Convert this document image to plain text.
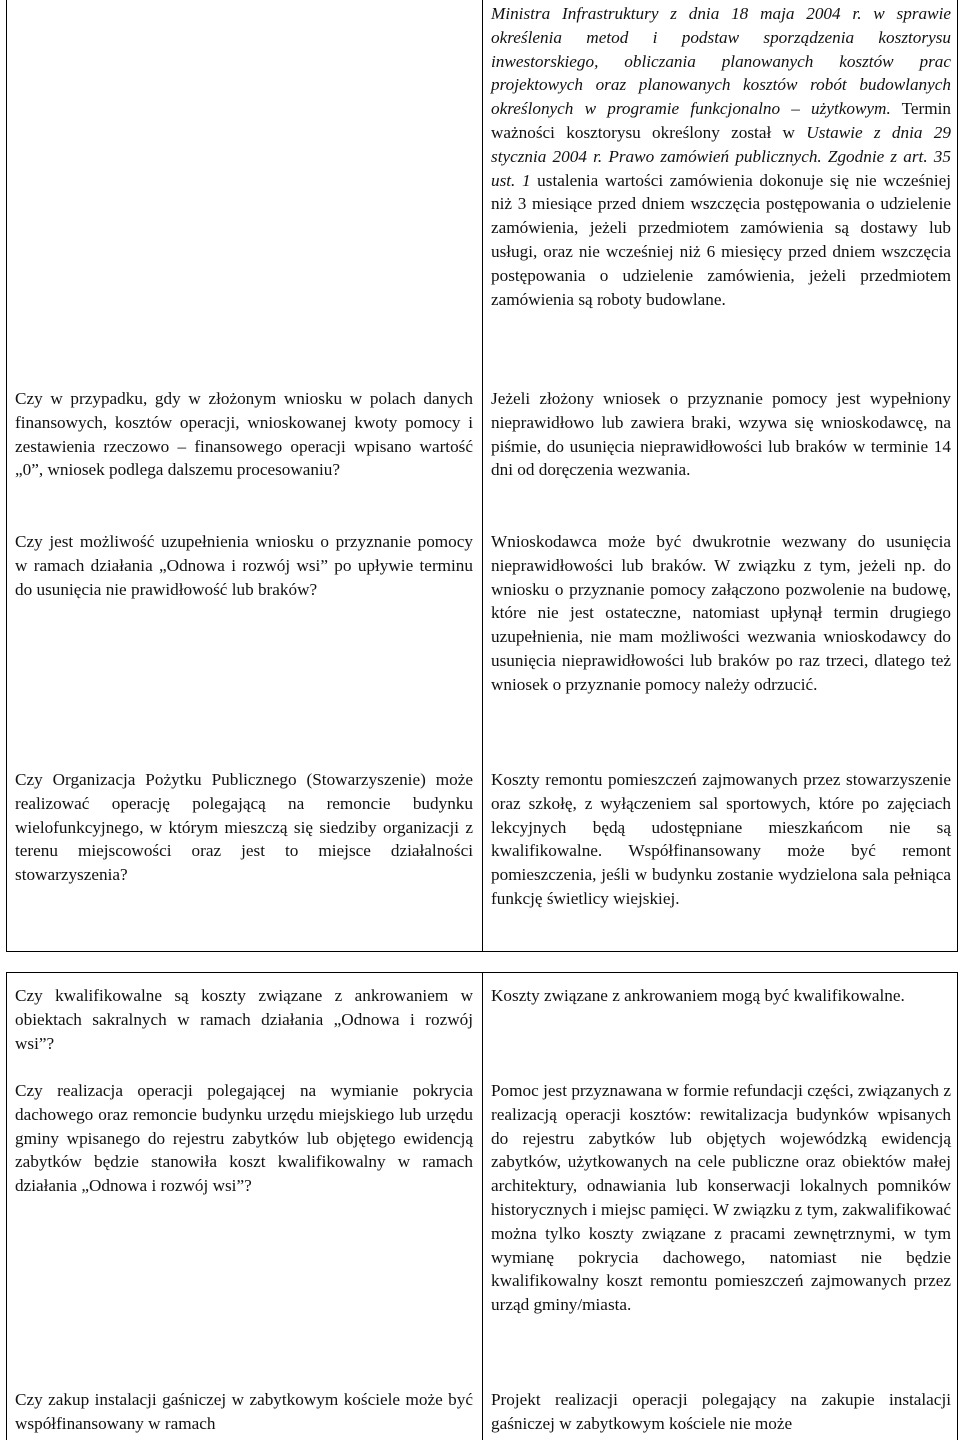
Ministra Infrastruktury z dnia 18 maja 2004 r. w sprawie określenia metod i podstaw sporządzenia kosztorysu inwestorskiego, obliczania planowanych kosztów prac projektowych oraz planowanych kosztów robót budowlanych określonych w programie funkcjonalno – użytkowym. Termin ważności kosztorysu określony został w Ustawie z dnia 29 stycznia 2004 r. Prawo zamówień publicznych. Zgodnie z art. 35 ust. 1 ustalenia wartości zamówienia dokonuje się nie wcześniej niż 3 miesiące przed dniem wszczęcia postępowania o udzielenie zamówienia, jeżeli przedmiotem zamówienia są dostawy lub usługi, oraz nie wcześniej niż 6 miesięcy przed dniem wszczęcia postępowania o udzielenie zamówienia, jeżeli przedmiotem zamówienia są roboty budowlane.

Czy w przypadku, gdy w złożonym wniosku w polach danych finansowych, kosztów operacji, wnioskowanej kwoty pomocy i zestawienia rzeczowo – finansowego operacji wpisano wartość „0”, wniosek podlega dalszemu procesowaniu?

Jeżeli złożony wniosek o przyznanie pomocy jest wypełniony nieprawidłowo lub zawiera braki, wzywa się wnioskodawcę, na piśmie, do usunięcia nieprawidłowości lub braków w terminie 14 dni od doręczenia wezwania.

Czy jest możliwość uzupełnienia wniosku o przyznanie pomocy w ramach działania „Odnowa i rozwój wsi” po upływie terminu do usunięcia nie prawidłowość lub braków?

Wnioskodawca może być dwukrotnie wezwany do usunięcia nieprawidłowości lub braków. W związku z tym, jeżeli np. do wniosku o przyznanie pomocy załączono pozwolenie na budowę, które nie jest ostateczne, natomiast upłynął termin drugiego uzupełnienia, nie mam możliwości wezwania wnioskodawcy do usunięcia nieprawidłowości lub braków po raz trzeci, dlatego też wniosek o przyznanie pomocy należy odrzucić.

Czy Organizacja Pożytku Publicznego (Stowarzyszenie) może realizować operację polegającą na remoncie budynku wielofunkcyjnego, w którym mieszczą się siedziby organizacji z terenu miejscowości oraz jest to miejsce działalności stowarzyszenia?

Koszty remontu pomieszczeń zajmowanych przez stowarzyszenie oraz szkołę, z wyłączeniem sal sportowych, które po zajęciach lekcyjnych będą udostępniane mieszkańcom nie są kwalifikowalne. Współfinansowany może być remont pomieszczenia, jeśli w budynku zostanie wydzielona sala pełniąca funkcję świetlicy wiejskiej.

Czy kwalifikowalne są koszty związane z ankrowaniem w obiektach sakralnych w ramach działania „Odnowa i rozwój wsi”?

Koszty związane z ankrowaniem mogą być kwalifikowalne.

Czy realizacja operacji polegającej na wymianie pokrycia dachowego oraz remoncie budynku urzędu miejskiego lub urzędu gminy wpisanego do rejestru zabytków lub objętego ewidencją zabytków będzie stanowiła koszt kwalifikowalny w ramach działania „Odnowa i rozwój wsi”?

Pomoc jest przyznawana w formie refundacji części, związanych z realizacją operacji kosztów: rewitalizacja budynków wpisanych do rejestru zabytków lub objętych wojewódzką ewidencją zabytków, użytkowanych na cele publiczne oraz obiektów małej architektury, odnawiania lub konserwacji lokalnych pomników historycznych i miejsc pamięci. W związku z tym, zakwalifikować można tylko koszty związane z pracami zewnętrznymi, w tym wymianę pokrycia dachowego, natomiast nie będzie kwalifikowalny koszt remontu pomieszczeń zajmowanych przez urząd gminy/miasta.

Czy zakup instalacji gaśniczej w zabytkowym kościele może być współfinansowany w ramach

Projekt realizacji operacji polegający na zakupie instalacji gaśniczej w zabytkowym kościele nie może
